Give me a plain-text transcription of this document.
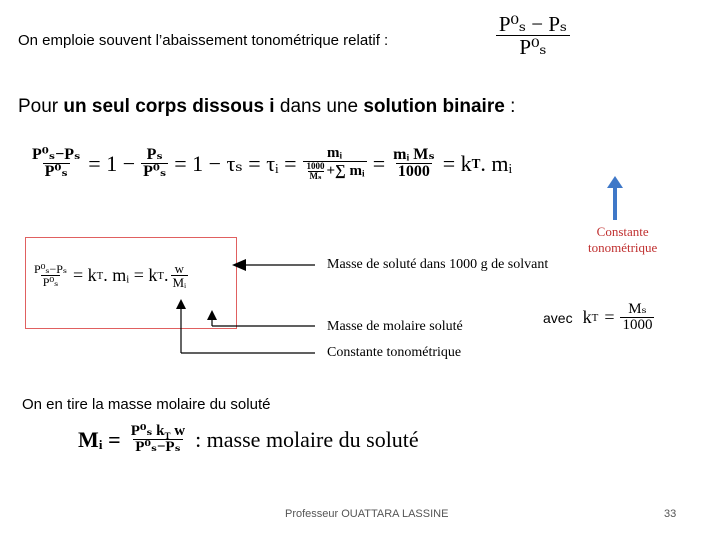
On emploie souvent l’abaissement tonométrique relatif :	$\frac{\text{P⁰ₛ − Pₛ}}{\text{P⁰ₛ}}$
Pour un seul corps dissous i dans une solution binaire :
$\frac{\text{P⁰ₛ−Pₛ}}{\text{P⁰ₛ}} = 1 - \frac{\text{Pₛ}}{\text{P⁰ₛ}} = 1 - \tau_s$ = τᵢ = $\frac{\text{mᵢ}}{\frac{1000}{\text{Mₛ}} +\sum mᵢ} = \frac{\text{mᵢ Mₛ}}{1000} = k$ T . mᵢ
Constante
tonométrique
$\frac{\text{P⁰ₛ−Pₛ}}{\text{P⁰ₛ}} = k$ T . mᵢ = k T . $\frac{w}{\text{Mᵢ}}$	Masse de soluté dans 1000 g de solvant
Masse de molaire soluté
Constante tonométrique
avec k $T = \frac{\text{Mₛ}}{1000}$
On en tire la masse molaire du soluté
Mᵢ = $\frac{P^0_s k_T w}{\text{P⁰ₛ−Pₛ}}$ : masse molaire du soluté
Professeur OUATTARA LASSINE	33
